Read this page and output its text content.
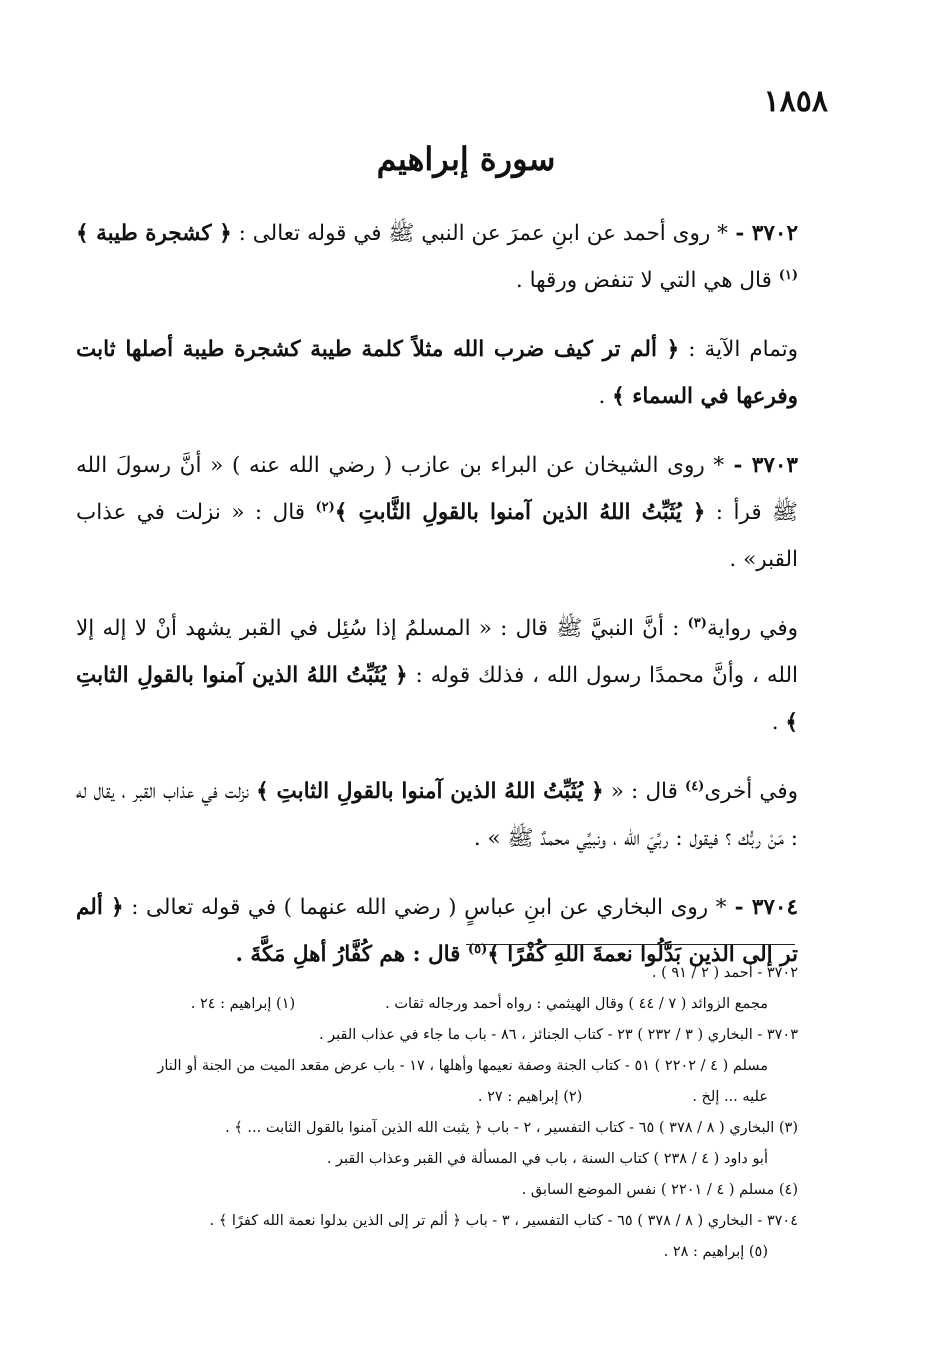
١٨٥٨
سورة إبراهيم

٣٧٠٢ - * روى أحمد عن ابنِ عمرَ عن النبي ﷺ في قوله تعالى : ﴿ كشجرة طيبة ﴾$^{(١)}$ قال هي التي لا تنفض ورقها .

وتمام الآية : ﴿ ألم تر كيف ضرب الله مثلاً كلمة طيبة كشجرة طيبة أصلها ثابت وفرعها في السماء ﴾ .

٣٧٠٣ - * روى الشيخان عن البراء بن عازب ( رضي الله عنه ) « أنَّ رسولَ الله ﷺ قرأ : ﴿ يُثَبِّتُ اللهُ الذين آمنوا بالقولِ الثَّابتِ ﴾$^{(٢)}$ قال : « نزلت في عذاب القبر» .

وفي رواية$^{(٣)}$ : أنَّ النبيَّ ﷺ قال : « المسلمُ إذا سُئِل في القبر يشهد أنْ لا إله إلا الله ، وأنَّ محمدًا رسول الله ، فذلك قوله : ﴿ يُثَبِّتُ اللهُ الذين آمنوا بالقولِ الثابتِ ﴾ .

وفي أخرى$^{(٤)}$ قال : « ﴿ يُثَبِّتُ اللهُ الذين آمنوا بالقولِ الثابتِ ﴾ نزلت في عذاب القبر ، يقال له : مَنْ ربُّك ؟ فيقول : ربِّيَ الله ، ونبيِّي محمدٌ ﷺ » .

٣٧٠٤ - * روى البخاري عن ابنِ عباسٍ ( رضي الله عنهما ) في قوله تعالى : ﴿ ألم تر إلى الذين بَدَّلُوا نعمةَ اللهِ كُفْرًا ﴾$^{(٥)}$ قال : هم كُفَّارُ أهلِ مَكَّةَ .

٣٧٠٢ - أحمد ( ٢ / ٩١ ) .
مجمع الزوائد ( ٧ / ٤٤ ) وقال الهيثمي : رواه أحمد ورجاله ثقات .(١) إبراهيم : ٢٤ .
٣٧٠٣ - البخاري ( ٣ / ٢٣٢ ) ٢٣ - كتاب الجنائز ، ٨٦ - باب ما جاء في عذاب القبر .
مسلم ( ٤ / ٢٢٠٢ ) ٥١ - كتاب الجنة وصفة نعيمها وأهلها ، ١٧ - باب عرض مقعد الميت من الجنة أو النار
عليه ... إلخ .(٢) إبراهيم : ٢٧ .
(٣) البخاري ( ٨ / ٣٧٨ ) ٦٥ - كتاب التفسير ، ٢ - باب ﴿ يثبت الله الذين آمنوا بالقول الثابت ... ﴾ .
أبو داود ( ٤ / ٢٣٨ ) كتاب السنة ، باب في المسألة في القبر وعذاب القبر .
(٤) مسلم ( ٤ / ٢٢٠١ ) نفس الموضع السابق .
٣٧٠٤ - البخاري ( ٨ / ٣٧٨ ) ٦٥ - كتاب التفسير ، ٣ - باب ﴿ ألم تر إلى الذين بدلوا نعمة الله كفرًا ﴾ .
(٥) إبراهيم : ٢٨ .
